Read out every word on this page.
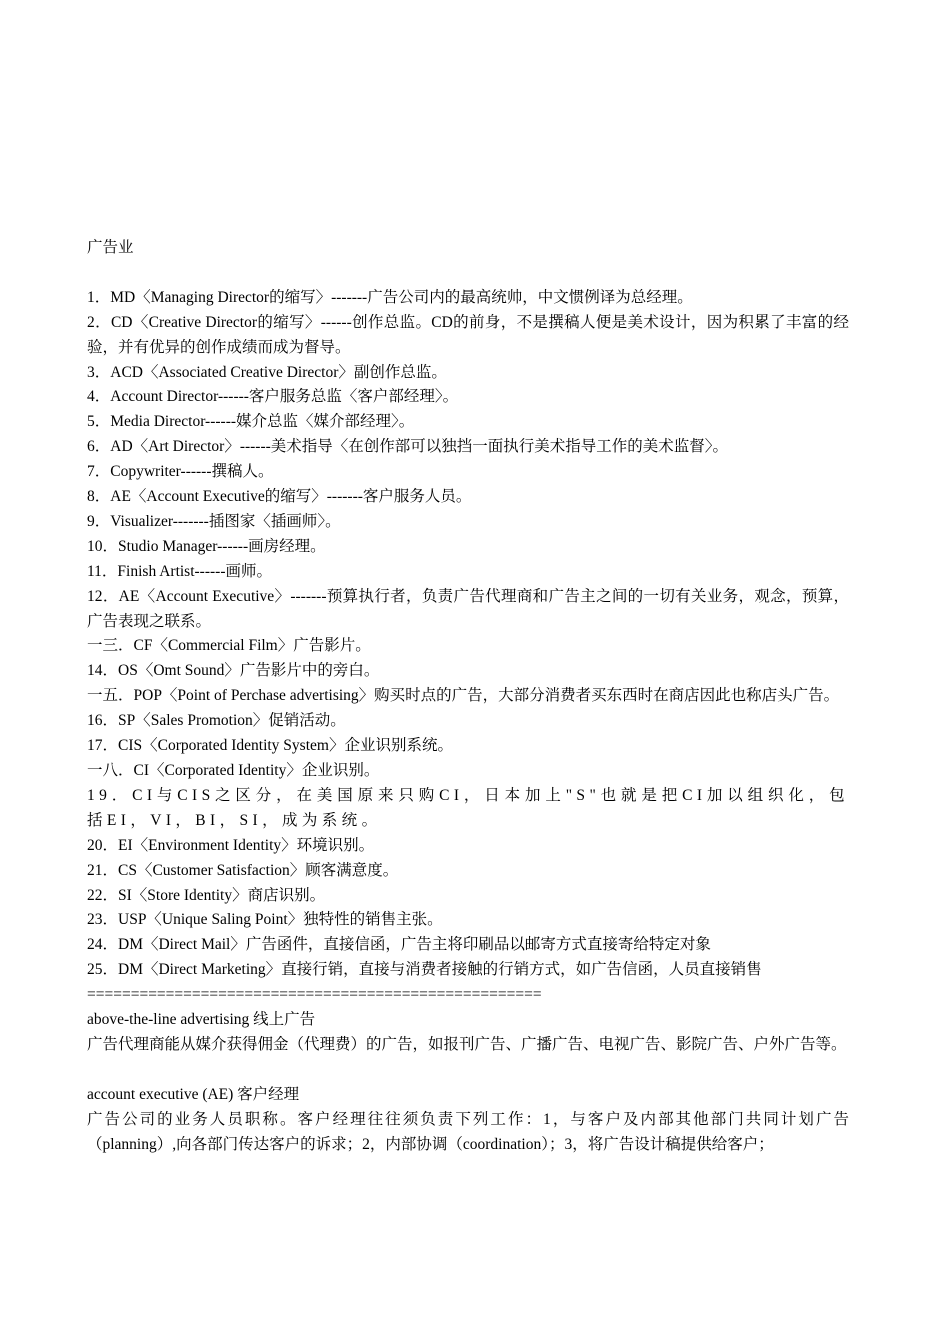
广告业

1．MD〈Managing Director的缩写〉-------广告公司内的最高统帅，中文惯例译为总经理。

2．CD〈Creative Director的缩写〉------创作总监。CD的前身，不是撰稿人便是美术设计，因为积累了丰富的经验，并有优异的创作成绩而成为督导。

3．ACD〈Associated Creative Director〉副创作总监。

4．Account Director------客户服务总监〈客户部经理〉。

5．Media Director------媒介总监〈媒介部经理〉。

6．AD〈Art Director〉------美术指导〈在创作部可以独挡一面执行美术指导工作的美术监督〉。

7．Copywriter------撰稿人。

8．AE〈Account Executive的缩写〉-------客户服务人员。

9．Visualizer-------插图家〈插画师〉。

10．Studio Manager------画房经理。

11．Finish Artist------画师。

12．AE〈Account Executive〉-------预算执行者，负责广告代理商和广告主之间的一切有关业务，观念，预算，广告表现之联系。

一三．CF〈Commercial Film〉广告影片。

14．OS〈Omt Sound〉广告影片中的旁白。

一五．POP〈Point of Perchase advertising〉购买时点的广告，大部分消费者买东西时在商店因此也称店头广告。

16．SP〈Sales Promotion〉促销活动。

17．CIS〈Corporated Identity System〉企业识别系统。

一八．CI〈Corporated Identity〉企业识别。

19．CI与CIS之区分，在美国原来只购CI，日本加上"S"也就是把CI加以组织化，包括EI，VI，BI，SI，成为系统。

20．EI〈Environment Identity〉环境识别。

21．CS〈Customer Satisfaction〉顾客满意度。

22．SI〈Store Identity〉商店识别。

23．USP〈Unique Saling Point〉独特性的销售主张。

24．DM〈Direct Mail〉广告函件，直接信函，广告主将印刷品以邮寄方式直接寄给特定对象

25．DM〈Direct Marketing〉直接行销，直接与消费者接触的行销方式，如广告信函，人员直接销售

====================================================

above-the-line advertising 线上广告

广告代理商能从媒介获得佣金（代理费）的广告，如报刊广告、广播广告、电视广告、影院广告、户外广告等。

account executive (AE) 客户经理

广告公司的业务人员职称。客户经理往往须负责下列工作：1，与客户及内部其他部门共同计划广告（planning）,向各部门传达客户的诉求；2，内部协调（coordination）；3，将广告设计稿提供给客户；
